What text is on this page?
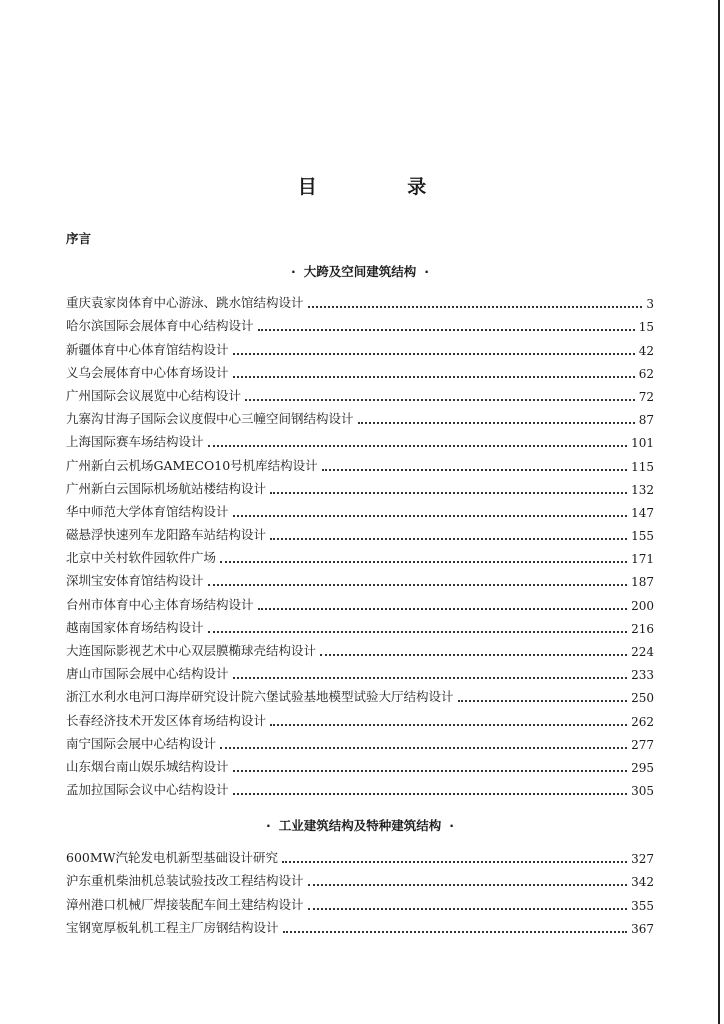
目 录
序言
· 大跨及空间建筑结构 ·
重庆袁家岗体育中心游泳、跳水馆结构设计	3
哈尔滨国际会展体育中心结构设计	15
新疆体育中心体育馆结构设计	42
义乌会展体育中心体育场设计	62
广州国际会议展览中心结构设计	72
九寨沟甘海子国际会议度假中心三幢空间钢结构设计	87
上海国际赛车场结构设计	101
广州新白云机场GAMECO10号机库结构设计	115
广州新白云国际机场航站楼结构设计	132
华中师范大学体育馆结构设计	147
磁悬浮快速列车龙阳路车站结构设计	155
北京中关村软件园软件广场	171
深圳宝安体育馆结构设计	187
台州市体育中心主体育场结构设计	200
越南国家体育场结构设计	216
大连国际影视艺术中心双层膜椭球壳结构设计	224
唐山市国际会展中心结构设计	233
浙江水利水电河口海岸研究设计院六堡试验基地模型试验大厅结构设计	250
长春经济技术开发区体育场结构设计	262
南宁国际会展中心结构设计	277
山东烟台南山娱乐城结构设计	295
孟加拉国际会议中心结构设计	305
· 工业建筑结构及特种建筑结构 ·
600MW汽轮发电机新型基础设计研究	327
沪东重机柴油机总装试验技改工程结构设计	342
漳州港口机械厂焊接装配车间土建结构设计	355
宝钢宽厚板轧机工程主厂房钢结构设计	367
